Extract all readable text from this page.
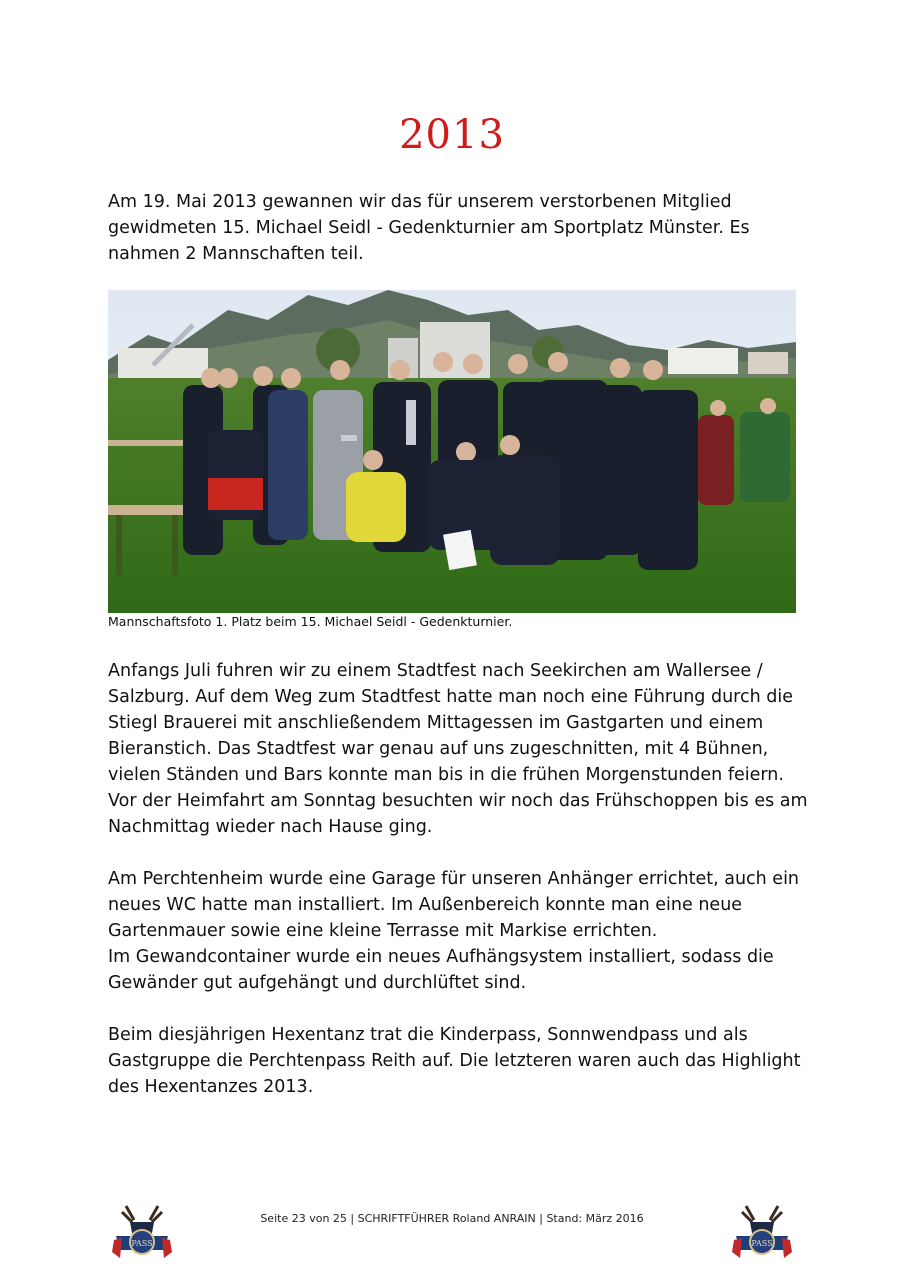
2013

Am 19. Mai 2013 gewannen wir das für unserem verstorbenen Mitglied gewidmeten 15. Michael Seidl - Gedenkturnier am Sportplatz Münster. Es nahmen 2 Mannschaften teil.

Mannschaftsfoto 1. Platz beim 15. Michael Seidl - Gedenkturnier.

Anfangs Juli fuhren wir zu einem Stadtfest nach Seekirchen am Wallersee / Salzburg. Auf dem Weg zum Stadtfest hatte man noch eine Führung durch die Stiegl Brauerei mit anschließendem Mittagessen im Gastgarten und einem Bieranstich. Das Stadtfest war genau auf uns zugeschnitten, mit 4 Bühnen, vielen Ständen und Bars konnte man bis in die frühen Morgenstunden feiern. Vor der Heimfahrt am Sonntag besuchten wir noch das Frühschoppen bis es am Nachmittag wieder nach Hause ging.

Am Perchtenheim wurde eine Garage für unseren Anhänger errichtet, auch ein neues WC hatte man installiert. Im Außenbereich konnte man eine neue Gartenmauer sowie eine kleine Terrasse mit Markise errichten.
Im Gewandcontainer wurde ein neues Aufhängsystem installiert, sodass die Gewänder gut aufgehängt und durchlüftet sind.

Beim diesjährigen Hexentanz trat die Kinderpass, Sonnwendpass und als Gastgruppe die Perchtenpass Reith auf. Die letzteren waren auch das Highlight des Hexentanzes 2013.

PASS
Seite 23 von 25 | SCHRIFTFÜHRER Roland ANRAIN | Stand: März 2016
PASS
